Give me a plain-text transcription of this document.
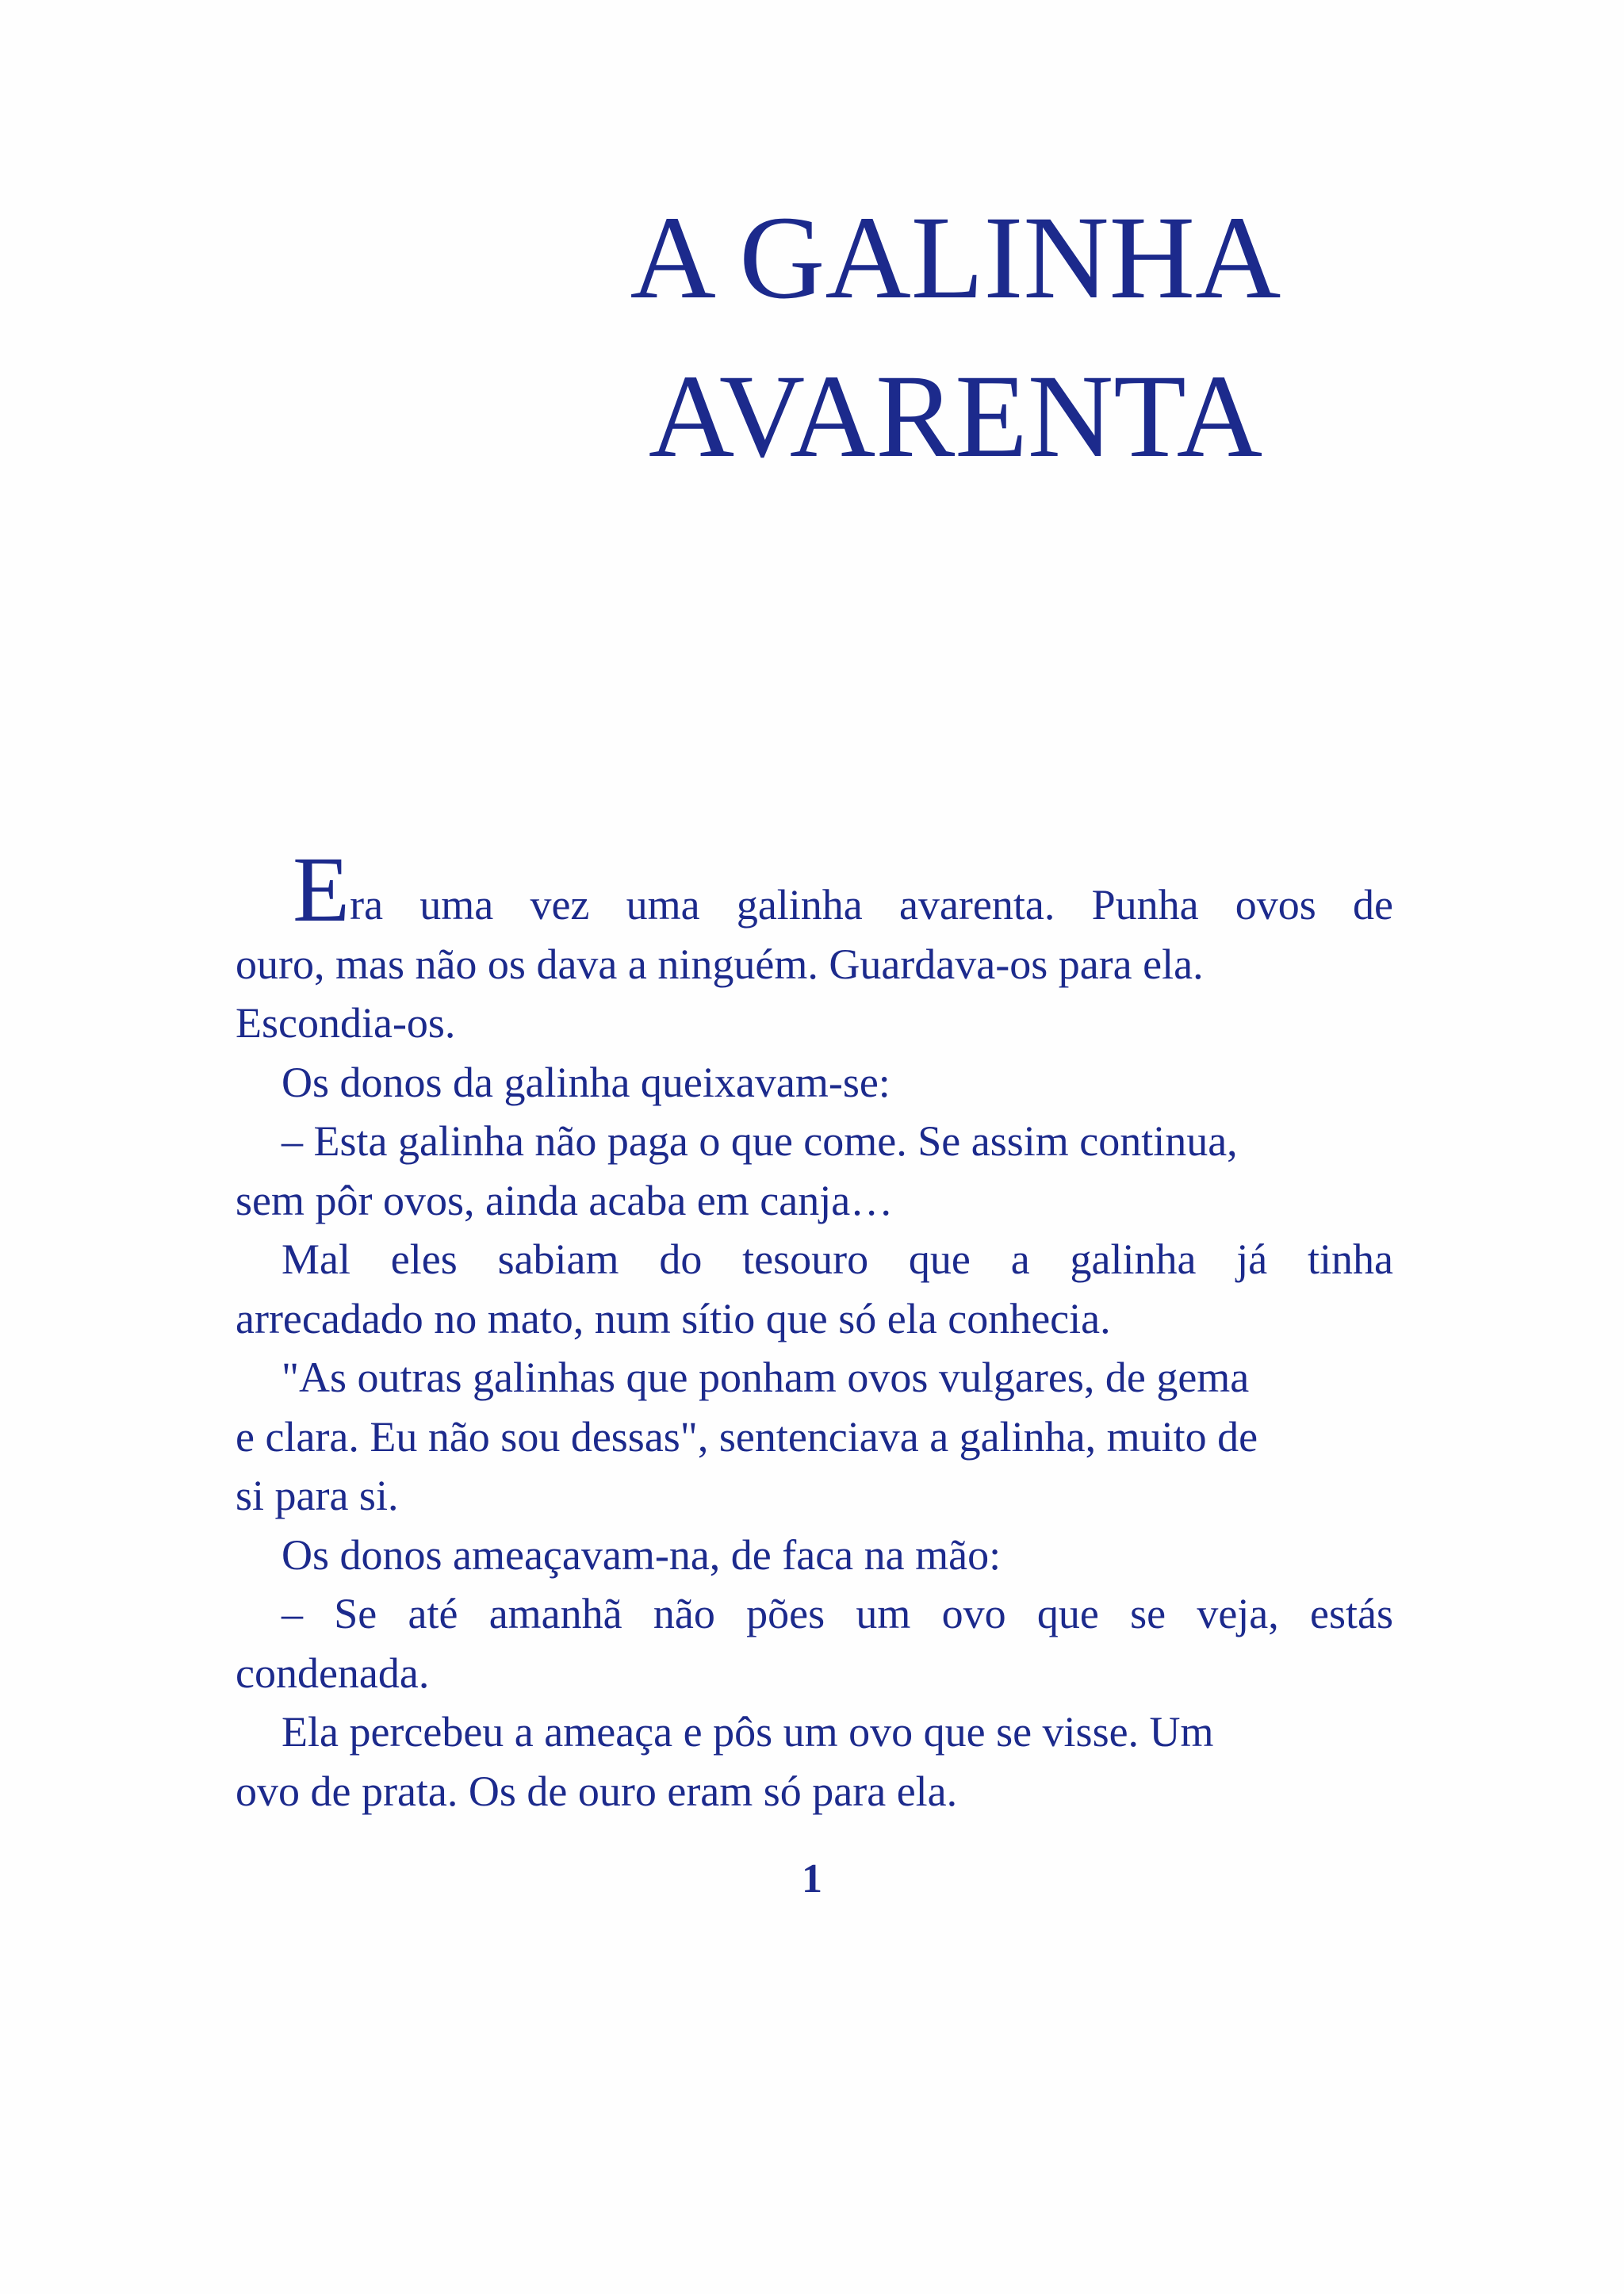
A GALINHA
AVARENTA

Era uma vez uma galinha avarenta. Punha ovos de
ouro, mas não os dava a ninguém. Guardava-os para ela.
Escondia-os.

Os donos da galinha queixavam-se:

– Esta galinha não paga o que come. Se assim continua,
sem pôr ovos, ainda acaba em canja…

Mal eles sabiam do tesouro que a galinha já tinha
arrecadado no mato, num sítio que só ela conhecia.

"As outras galinhas que ponham ovos vulgares, de gema
e clara. Eu não sou dessas", sentenciava a galinha, muito de
si para si.

Os donos ameaçavam-na, de faca na mão:

– Se até amanhã não pões um ovo que se veja, estás
condenada.

Ela percebeu a ameaça e pôs um ovo que se visse. Um
ovo de prata. Os de ouro eram só para ela.

1
